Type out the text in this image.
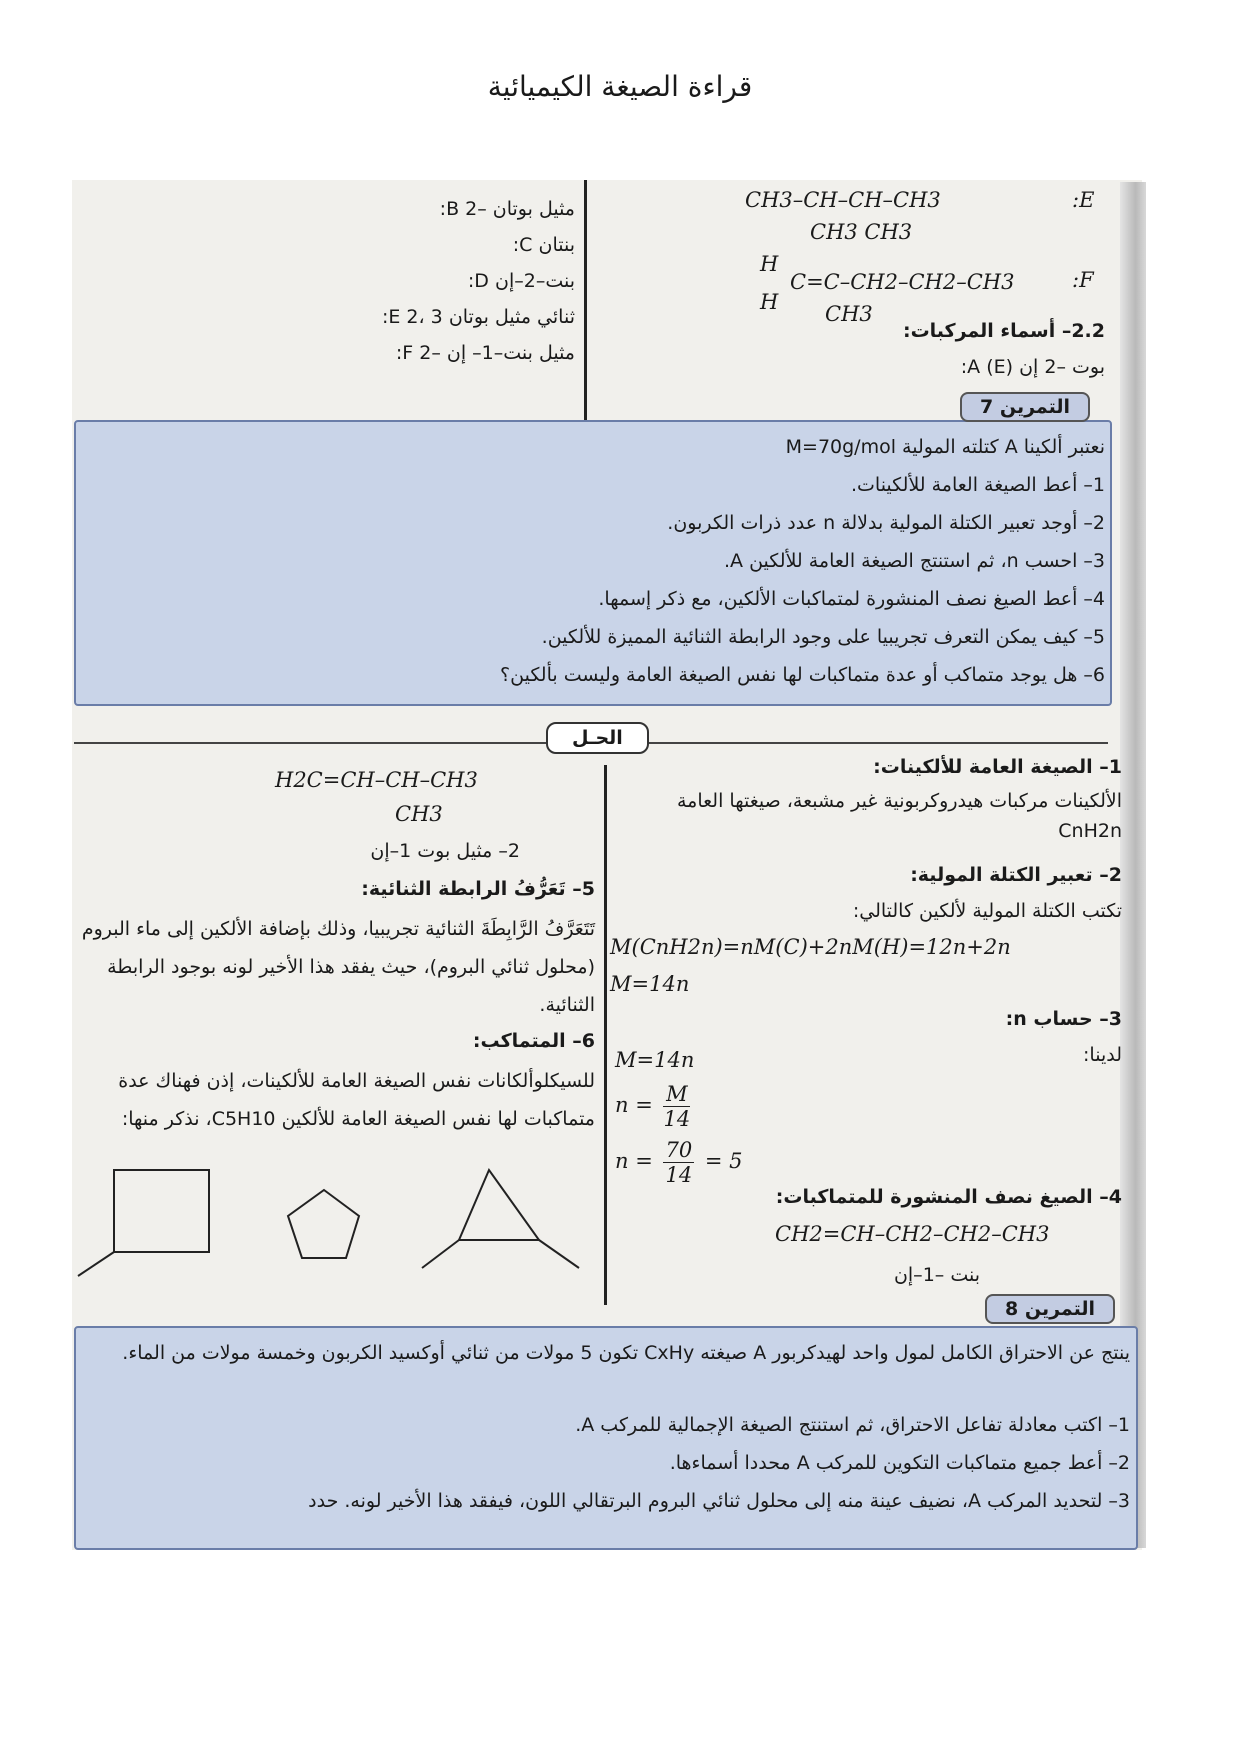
قراءة الصيغة الكيميائية
:E
CH3–CH–CH–CH3
CH3 CH3
:F
H
H
C=C–CH2–CH2–CH3
CH3
2.2– أسماء المركبات:
:A (E) بوت –2 إن
:B 2– مثيل بوتان
:C بنتان
:D بنت–2–إن
:E 2، 3 ثنائي مثيل بوتان
:F 2– مثيل بنت–1– إن
التمرين 7
نعتبر ألكينا A كتلته المولية M=70g/mol
1– أعط الصيغة العامة للألكينات.
2– أوجد تعبير الكتلة المولية بدلالة n عدد ذرات الكربون.
3– احسب n، ثم استنتج الصيغة العامة للألكين A.
4– أعط الصيغ نصف المنشورة لمتماكبات الألكين، مع ذكر إسمها.
5– كيف يمكن التعرف تجريبيا على وجود الرابطة الثنائية المميزة للألكين.
6– هل يوجد متماكب أو عدة متماكبات لها نفس الصيغة العامة وليست بألكين؟
الحـل
1– الصيغة العامة للألكينات:
الألكينات مركبات هيدروكربونية غير مشبعة، صيغتها العامة CnH2n
2– تعبير الكتلة المولية:
تكتب الكتلة المولية لألكين كالتالي:
M(CnH2n)=nM(C)+2nM(H)=12n+2n
M=14n
3– حساب n:
لدينا:
M=14n
$n = \frac{M}{14}$
$n = \frac{70}{14} = 5$
4– الصيغ نصف المنشورة للمتماكبات:
CH2=CH–CH2–CH2–CH3
بنت –1–إن
H2C=CH–CH–CH3
CH3
2– مثيل بوت 1–إن
5– تَعَرُّفُ الرابطة الثنائية:
تَتَعَرَّفُ الرَّابِطَةَ الثنائية تجريبيا، وذلك بإضافة الألكين إلى ماء البروم (محلول ثنائي البروم)، حيث يفقد هذا الأخير لونه بوجود الرابطة الثنائية.
6– المتماكب:
للسيكلوألكانات نفس الصيغة العامة للألكينات، إذن فهناك عدة متماكبات لها نفس الصيغة العامة للألكين C5H10، نذكر منها:
التمرين 8
ينتج عن الاحتراق الكامل لمول واحد لهيدكربور A صيغته CxHy تكون 5 مولات من ثنائي أوكسيد الكربون وخمسة مولات من الماء.
1– اكتب معادلة تفاعل الاحتراق، ثم استنتج الصيغة الإجمالية للمركب A.
2– أعط جميع متماكبات التكوين للمركب A محددا أسماءها.
3– لتحديد المركب A، نضيف عينة منه إلى محلول ثنائي البروم البرتقالي اللون، فيفقد هذا الأخير لونه. حدد
